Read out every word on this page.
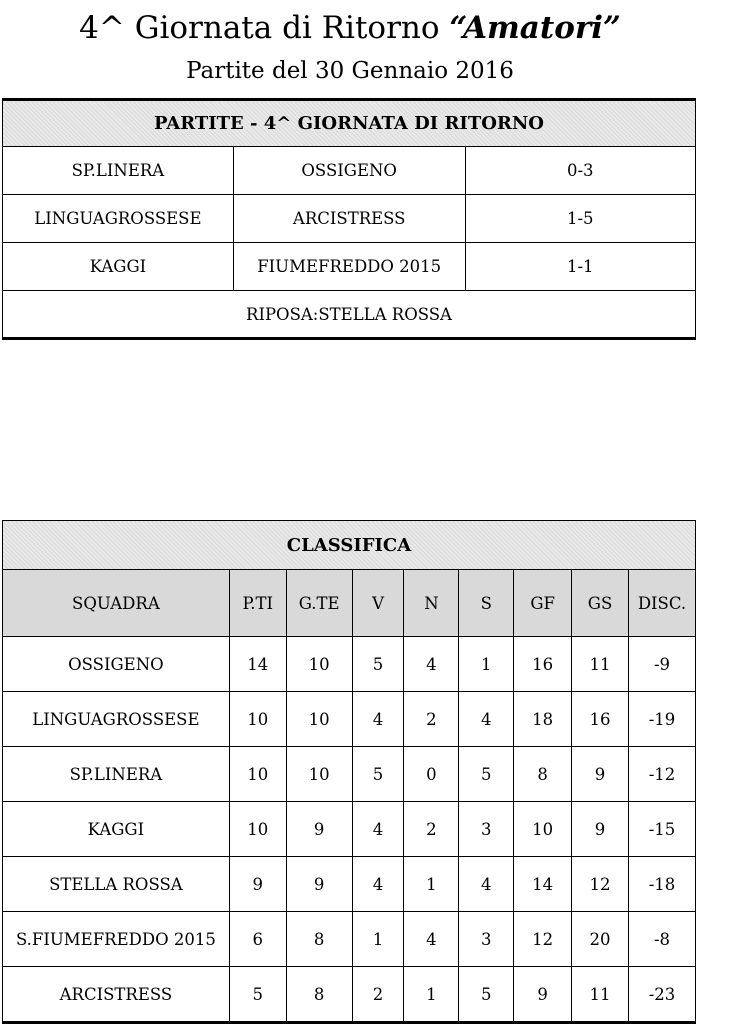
4^ Giornata di Ritorno “Amatori”
Partite del 30 Gennaio 2016
PARTITE - 4^ GIORNATA DI RITORNO		
SP.LINERA	OSSIGENO	0-3
LINGUAGROSSESE	ARCISTRESS	1-5
KAGGI	FIUMEFREDDO 2015	1-1
RIPOSA:STELLA ROSSA		
CLASSIFICA								
SQUADRA	P.TI	G.TE	V	N	S	GF	GS	DISC.
OSSIGENO	14	10	5	4	1	16	11	-9
LINGUAGROSSESE	10	10	4	2	4	18	16	-19
SP.LINERA	10	10	5	0	5	8	9	-12
KAGGI	10	9	4	2	3	10	9	-15
STELLA ROSSA	9	9	4	1	4	14	12	-18
S.FIUMEFREDDO 2015	6	8	1	4	3	12	20	-8
ARCISTRESS	5	8	2	1	5	9	11	-23
